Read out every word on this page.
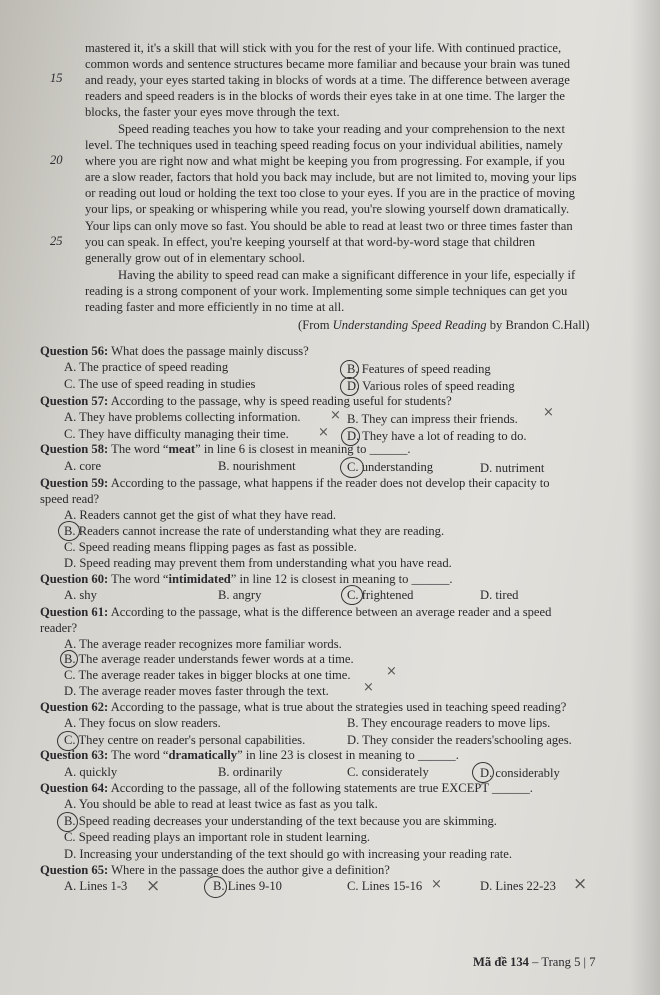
mastered it, it's a skill that will stick with you for the rest of your life. With continued practice,
common words and sentence structures became more familiar and because your brain was tuned
15 and ready, your eyes started taking in blocks of words at a time. The difference between average
readers and speed readers is in the blocks of words their eyes take in at one time. The larger the
blocks, the faster your eyes move through the text.
Speed reading teaches you how to take your reading and your comprehension to the next
level. The techniques used in teaching speed reading focus on your individual abilities, namely
20 where you are right now and what might be keeping you from progressing. For example, if you
are a slow reader, factors that hold you back may include, but are not limited to, moving your lips
or reading out loud or holding the text too close to your eyes. If you are in the practice of moving
your lips, or speaking or whispering while you read, you're slowing yourself down dramatically.
Your lips can only move so fast. You should be able to read at least two or three times faster than
25 you can speak. In effect, you're keeping yourself at that word-by-word stage that children
generally grow out of in elementary school.
Having the ability to speed read can make a significant difference in your life, especially if
reading is a strong component of your work. Implementing some simple techniques can get you
reading faster and more efficiently in no time at all.
(From Understanding Speed Reading by Brandon C.Hall)
Question 56: What does the passage mainly discuss?
A. The practice of speed reading	B. Features of speed reading
C. The use of speed reading in studies	D. Various roles of speed reading
Question 57: According to the passage, why is speed reading useful for students?
A. They have problems collecting information.	B. They can impress their friends.
C. They have difficulty managing their time.	D. They have a lot of reading to do.
Question 58: The word “meat” in line 6 is closest in meaning to ______.
A. core	B. nourishment	C. understanding	D. nutriment
Question 59: According to the passage, what happens if the reader does not develop their capacity to
speed read?
A. Readers cannot get the gist of what they have read.
B. Readers cannot increase the rate of understanding what they are reading.
C. Speed reading means flipping pages as fast as possible.
D. Speed reading may prevent them from understanding what you have read.
Question 60: The word “intimidated” in line 12 is closest in meaning to ______.
A. shy	B. angry	C. frightened	D. tired
Question 61: According to the passage, what is the difference between an average reader and a speed
reader?
A. The average reader recognizes more familiar words.
B. The average reader understands fewer words at a time.
C. The average reader takes in bigger blocks at one time.
D. The average reader moves faster through the text.
Question 62: According to the passage, what is true about the strategies used in teaching speed reading?
A. They focus on slow readers.	B. They encourage readers to move lips.
C. They centre on reader's personal capabilities.	D. They consider the readers'schooling ages.
Question 63: The word “dramatically” in line 23 is closest in meaning to ______.
A. quickly	B. ordinarily	C. considerately	D. considerably
Question 64: According to the passage, all of the following statements are true EXCEPT ______.
A. You should be able to read at least twice as fast as you talk.
B. Speed reading decreases your understanding of the text because you are skimming.
C. Speed reading plays an important role in student learning.
D. Increasing your understanding of the text should go with increasing your reading rate.
Question 65: Where in the passage does the author give a definition?
A. Lines 1-3	B. Lines 9-10	C. Lines 15-16	D. Lines 22-23
×	×
×
×
×
×	×	×
Mã đề 134 – Trang 5 | 7
